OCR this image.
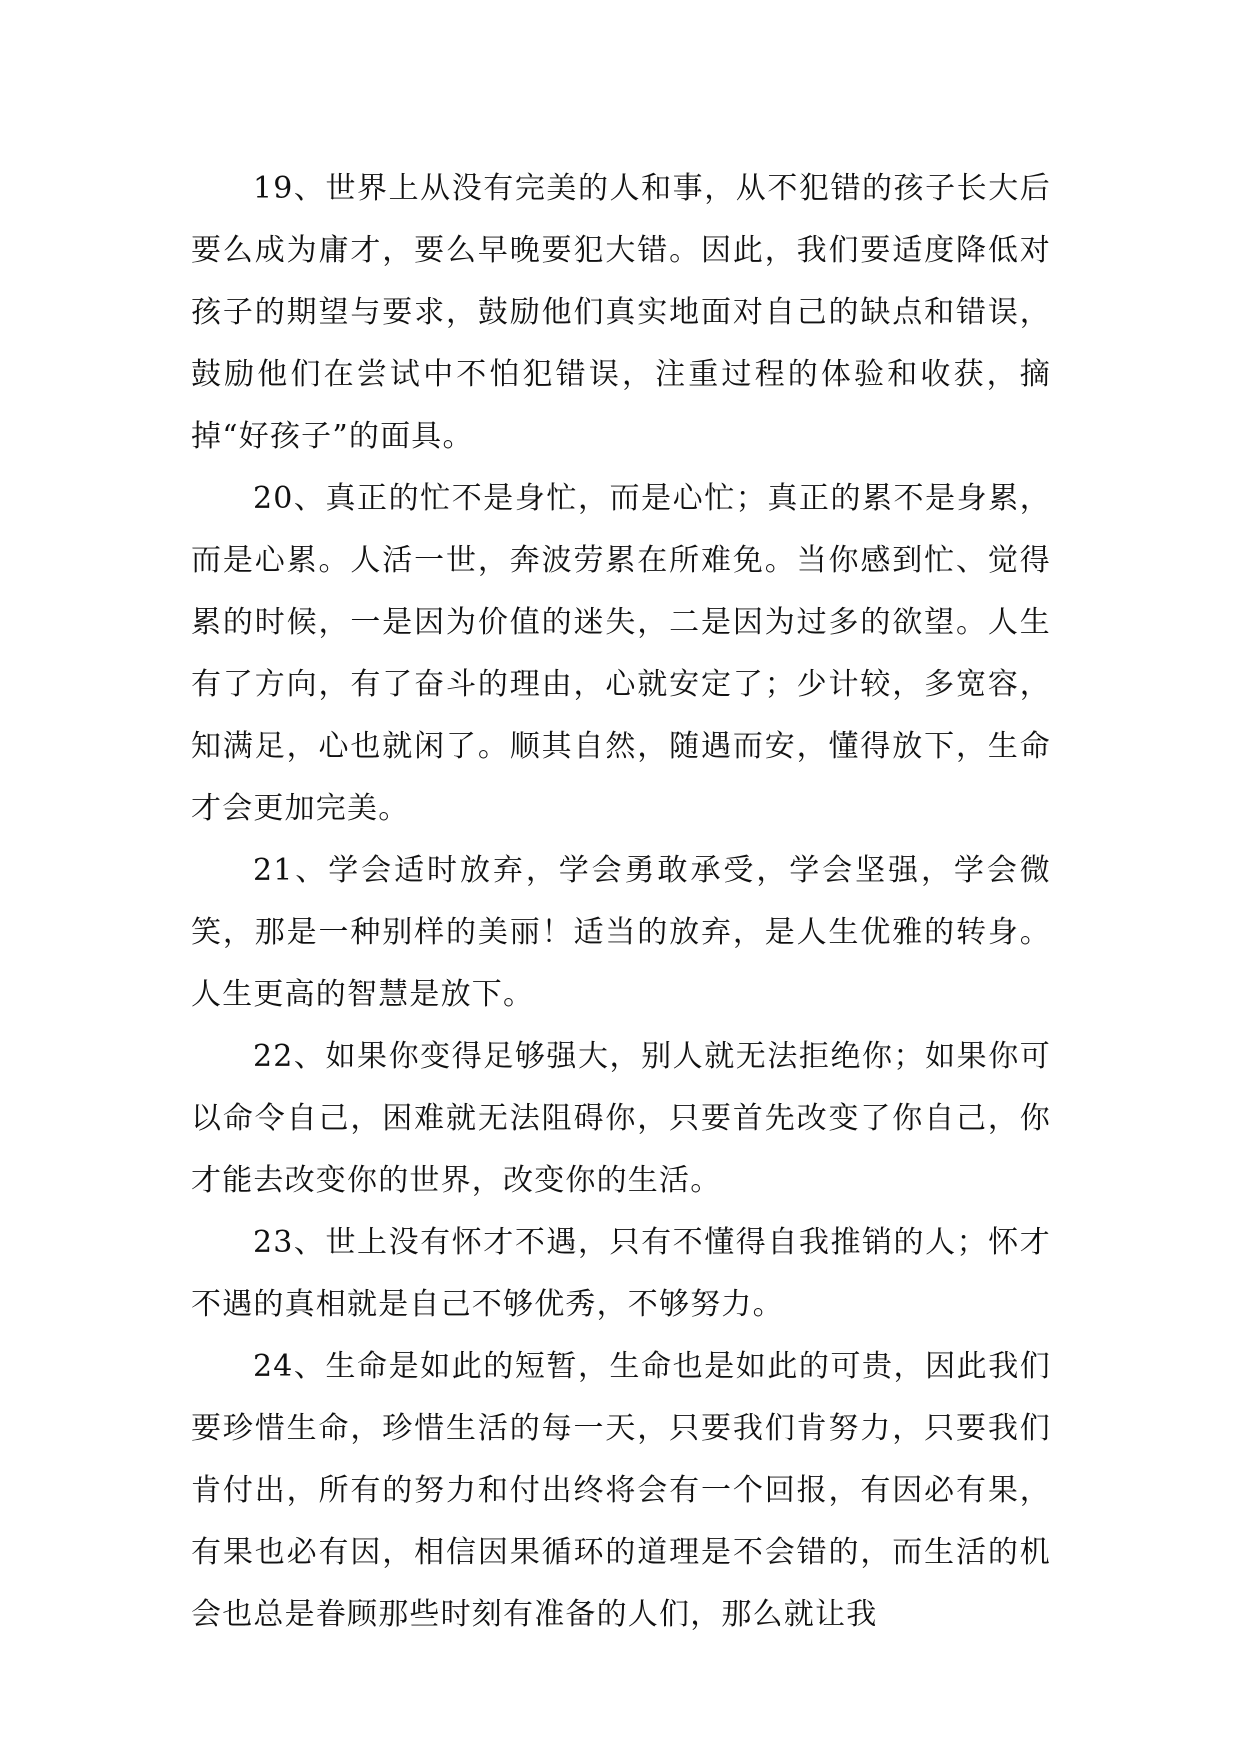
19、世界上从没有完美的人和事，从不犯错的孩子长大后要么成为庸才，要么早晚要犯大错。因此，我们要适度降低对孩子的期望与要求，鼓励他们真实地面对自己的缺点和错误，鼓励他们在尝试中不怕犯错误，注重过程的体验和收获，摘掉“好孩子”的面具。

20、真正的忙不是身忙，而是心忙；真正的累不是身累，而是心累。人活一世，奔波劳累在所难免。当你感到忙、觉得累的时候，一是因为价值的迷失，二是因为过多的欲望。人生有了方向，有了奋斗的理由，心就安定了；少计较，多宽容，知满足，心也就闲了。顺其自然，随遇而安，懂得放下，生命才会更加完美。

21、学会适时放弃，学会勇敢承受，学会坚强，学会微笑，那是一种别样的美丽！适当的放弃，是人生优雅的转身。人生更高的智慧是放下。

22、如果你变得足够强大，别人就无法拒绝你；如果你可以命令自己，困难就无法阻碍你，只要首先改变了你自己，你才能去改变你的世界，改变你的生活。

23、世上没有怀才不遇，只有不懂得自我推销的人；怀才不遇的真相就是自己不够优秀，不够努力。

24、生命是如此的短暂，生命也是如此的可贵，因此我们要珍惜生命，珍惜生活的每一天，只要我们肯努力，只要我们肯付出，所有的努力和付出终将会有一个回报，有因必有果，有果也必有因，相信因果循环的道理是不会错的，而生活的机会也总是眷顾那些时刻有准备的人们，那么就让我
